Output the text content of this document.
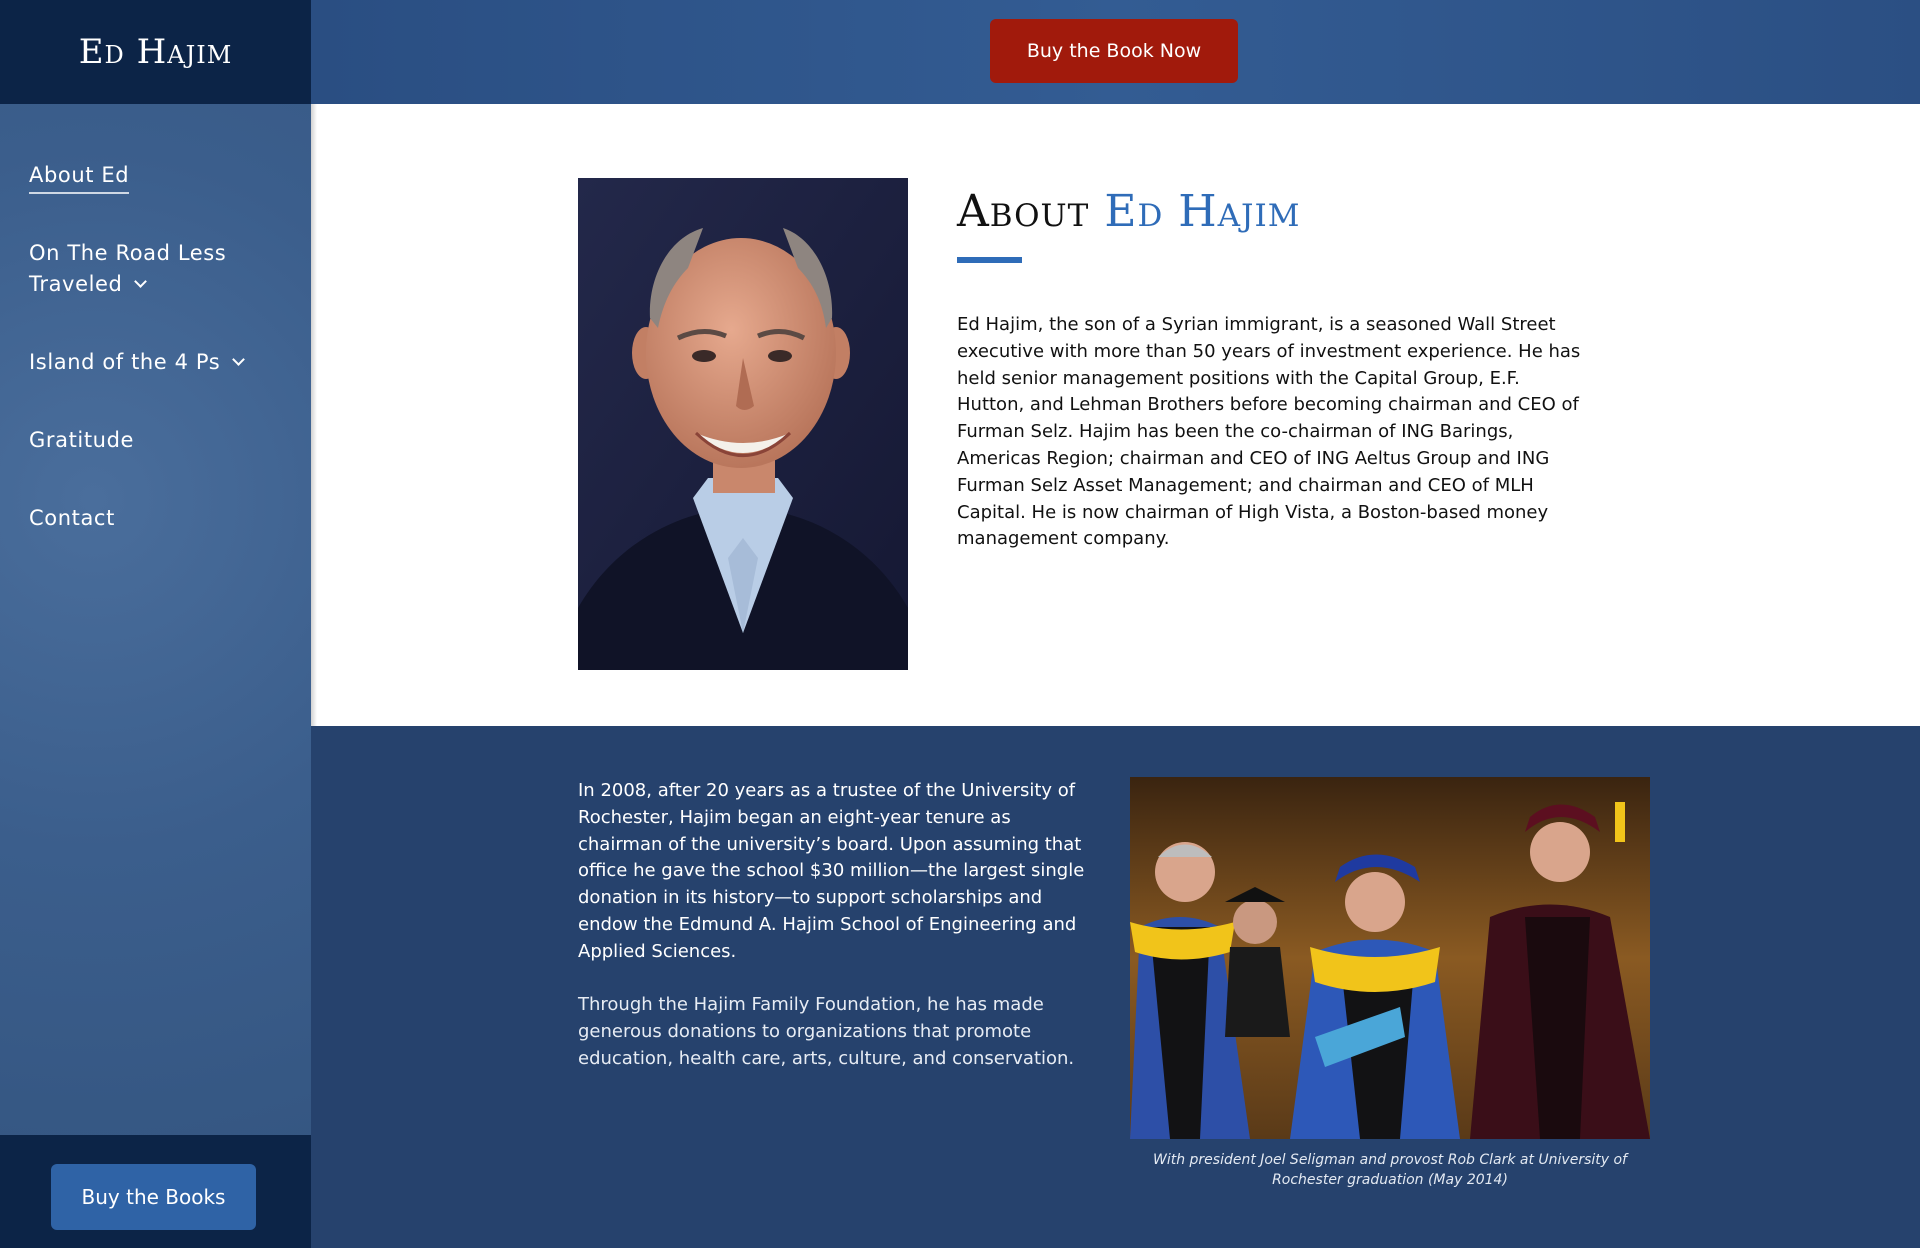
Ed Hajim
About Ed
On The Road Less Traveled
Island of the 4 Ps
Gratitude
Contact
Buy the Books
Buy the Book Now
About Ed Hajim

Ed Hajim, the son of a Syrian immigrant, is a seasoned Wall Street executive with more than 50 years of investment experience. He has held senior management positions with the Capital Group, E.F. Hutton, and Lehman Brothers before becoming chairman and CEO of Furman Selz. Hajim has been the co-chairman of ING Barings, Americas Region; chairman and CEO of ING Aeltus Group and ING Furman Selz Asset Management; and chairman and CEO of MLH Capital. He is now chairman of High Vista, a Boston-based money management company.

In 2008, after 20 years as a trustee of the University of Rochester, Hajim began an eight-year tenure as chairman of the university’s board. Upon assuming that office he gave the school $30 million—the largest single donation in its history—to support scholarships and endow the Edmund A. Hajim School of Engineering and Applied Sciences.

Through the Hajim Family Foundation, he has made generous donations to organizations that promote education, health care, arts, culture, and conservation.

With president Joel Seligman and provost Rob Clark at University of Rochester graduation (May 2014)
